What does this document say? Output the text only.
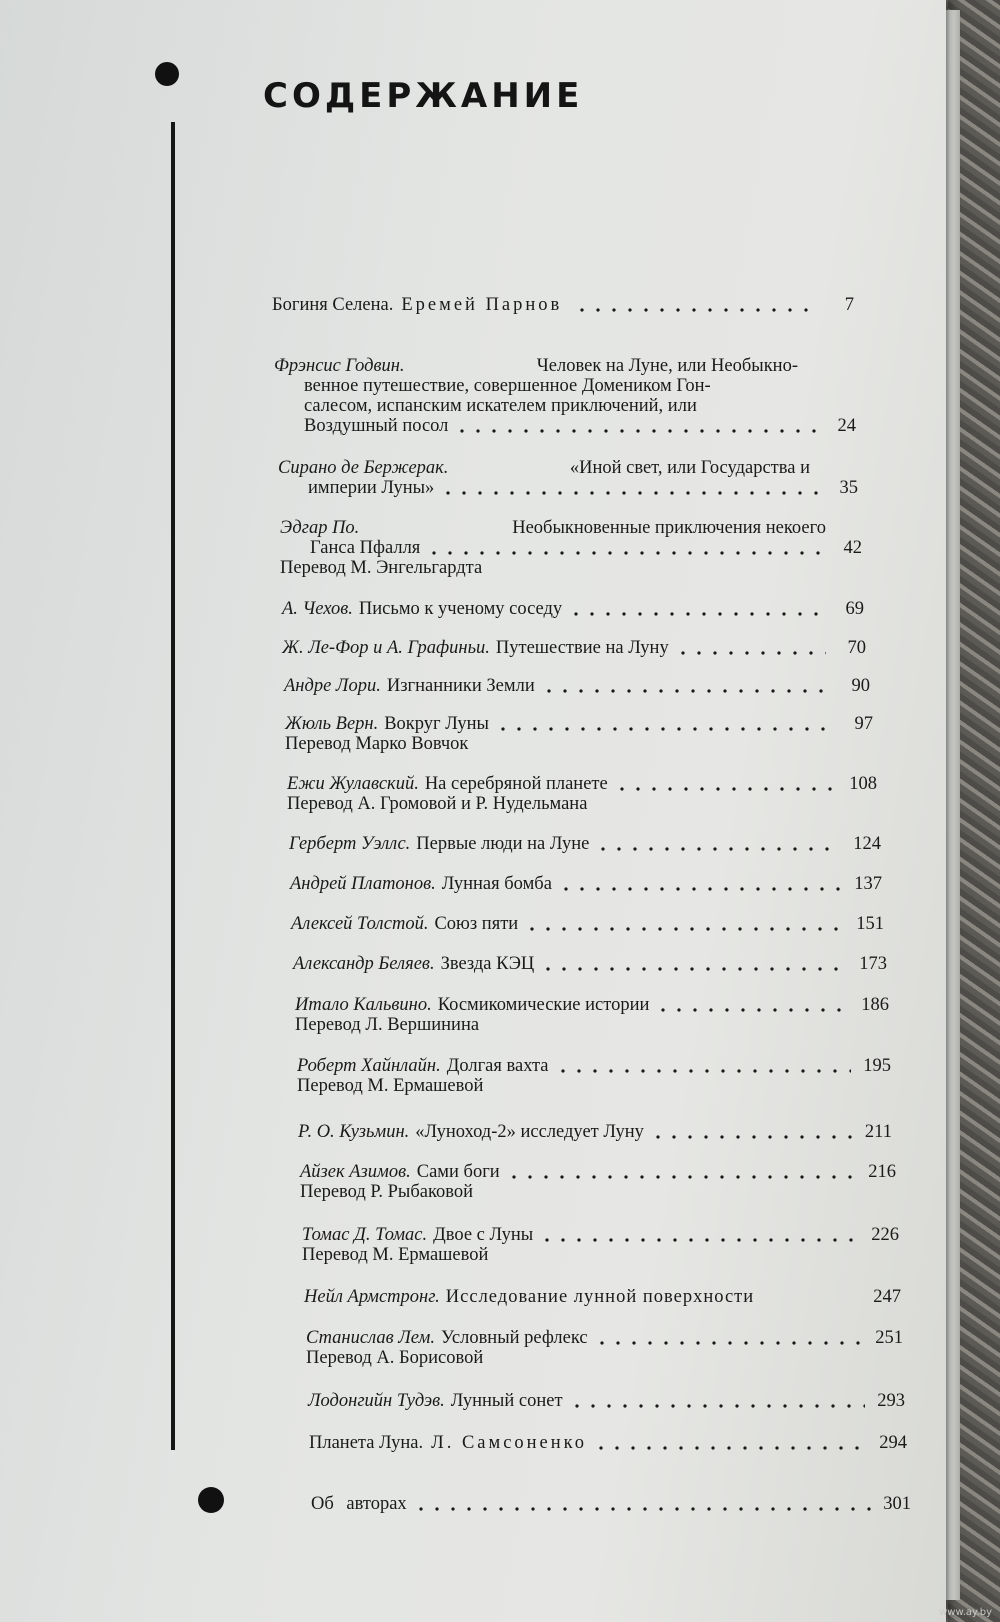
СОДЕРЖАНИЕ
Богиня Селена. Еремей Парнов	7
Фрэнсис Годвин.	Человек на Луне, или Необыкно-
венное путешествие, совершенное Домеником Гон-
салесом, испанским искателем приключений, или
Воздушный посол	24
Сирано де Бержерак.	«Иной свет, или Государства и
империи Луны»	35
Эдгар По.	Необыкновенные приключения некоего
Ганса Пфалля	42
Перевод М. Энгельгардта
А. Чехов. Письмо к ученому соседу	69
Ж. Ле-Фор и А. Графиньи. Путешествие на Луну	70
Андре Лори. Изгнанники Земли	90
Жюль Верн. Вокруг Луны	97
Перевод Марко Вовчок
Ежи Жулавский. На серебряной планете	108
Перевод А. Громовой и Р. Нудельмана
Герберт Уэллс. Первые люди на Луне	124
Андрей Платонов. Лунная бомба	137
Алексей Толстой. Союз пяти	151
Александр Беляев. Звезда КЭЦ	173
Итало Кальвино. Космикомические истории	186
Перевод Л. Вершинина
Роберт Хайнлайн. Долгая вахта	195
Перевод М. Ермашевой
Р. О. Кузьмин. «Луноход-2» исследует Луну	211
Айзек Азимов. Сами боги	216
Перевод Р. Рыбаковой
Томас Д. Томас. Двое с Луны	226
Перевод М. Ермашевой
Нейл Армстронг. Исследование лунной поверхности	247
Станислав Лем. Условный рефлекс	251
Перевод А. Борисовой
Лодонгийн Тудэв. Лунный сонет	293
Планета Луна. Л. Самсоненко	294
Об авторах	301
www.ay.by
